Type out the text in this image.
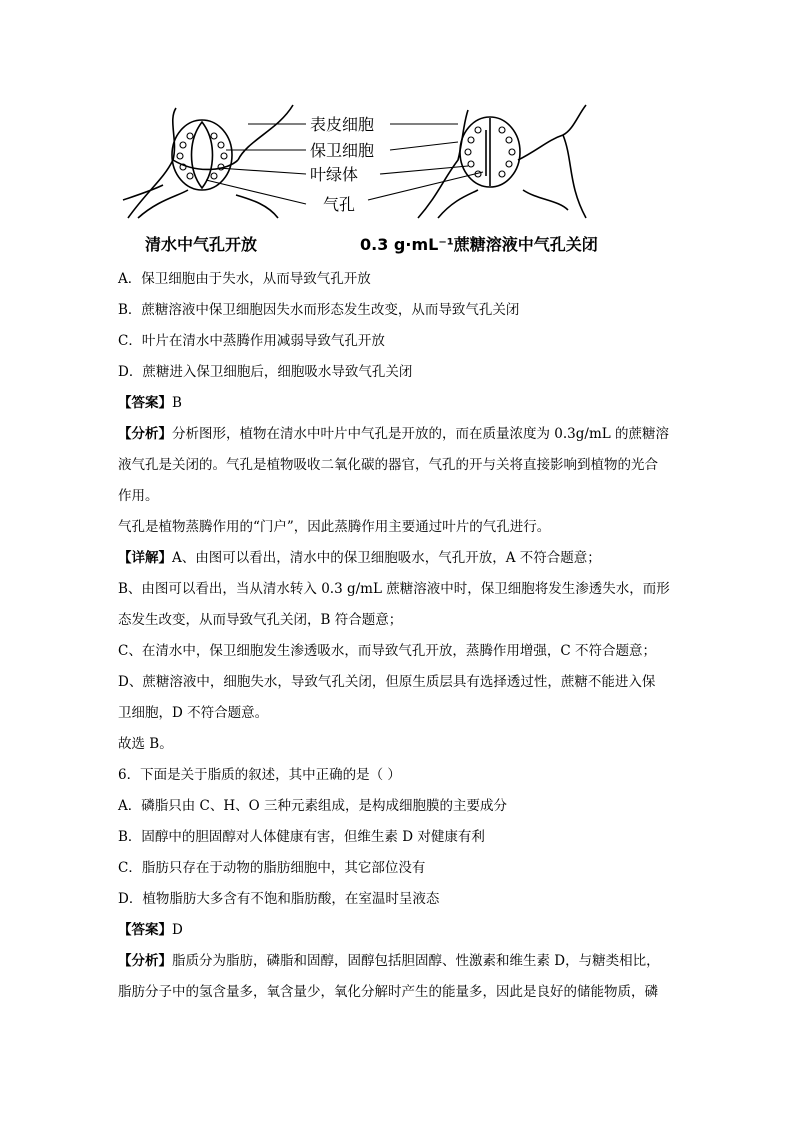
表皮细胞
保卫细胞
叶绿体
气孔
清水中气孔开放	0.3 g·mL⁻¹蔗糖溶液中气孔关闭
A．保卫细胞由于失水，从而导致气孔开放
B．蔗糖溶液中保卫细胞因失水而形态发生改变，从而导致气孔关闭
C．叶片在清水中蒸腾作用减弱导致气孔开放
D．蔗糖进入保卫细胞后，细胞吸水导致气孔关闭
【答案】B
【分析】分析图形，植物在清水中叶片中气孔是开放的，而在质量浓度为 0.3g/mL 的蔗糖溶
液气孔是关闭的。气孔是植物吸收二氧化碳的器官，气孔的开与关将直接影响到植物的光合
作用。
气孔是植物蒸腾作用的“门户”，因此蒸腾作用主要通过叶片的气孔进行。
【详解】A、由图可以看出，清水中的保卫细胞吸水，气孔开放，A 不符合题意；
B、由图可以看出，当从清水转入 0.3 g/mL 蔗糖溶液中时，保卫细胞将发生渗透失水，而形
态发生改变，从而导致气孔关闭，B 符合题意；
C、在清水中，保卫细胞发生渗透吸水，而导致气孔开放，蒸腾作用增强，C 不符合题意；
D、蔗糖溶液中，细胞失水，导致气孔关闭，但原生质层具有选择透过性，蔗糖不能进入保
卫细胞，D 不符合题意。
故选 B。
6．下面是关于脂质的叙述，其中正确的是（ ）
A．磷脂只由 C、H、O 三种元素组成，是构成细胞膜的主要成分
B．固醇中的胆固醇对人体健康有害，但维生素 D 对健康有利
C．脂肪只存在于动物的脂肪细胞中，其它部位没有
D．植物脂肪大多含有不饱和脂肪酸，在室温时呈液态
【答案】D
【分析】脂质分为脂肪，磷脂和固醇，固醇包括胆固醇、性激素和维生素 D，与糖类相比，
脂肪分子中的氢含量多，氧含量少，氧化分解时产生的能量多，因此是良好的储能物质，磷
